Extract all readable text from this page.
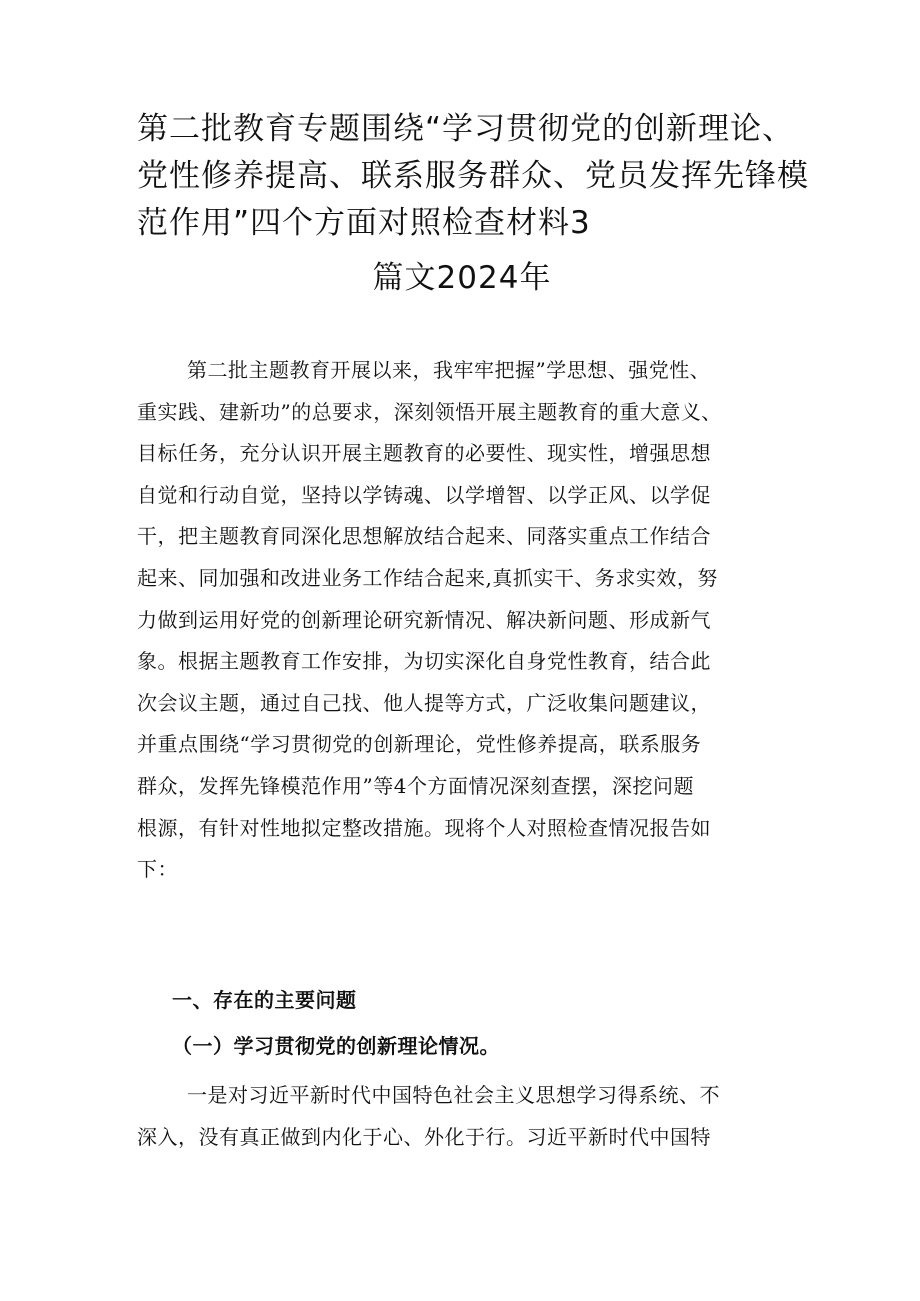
第二批教育专题围绕“学习贯彻党的创新理论、
党性修养提高、联系服务群众、党员发挥先锋模
范作用”四个方面对照检查材料3
篇文2024年
第二批主题教育开展以来，我牢牢把握”学思想、强党性、
重实践、建新功”的总要求，深刻领悟开展主题教育的重大意义、
目标任务，充分认识开展主题教育的必要性、现实性，增强思想
自觉和行动自觉，坚持以学铸魂、以学增智、以学正风、以学促
干，把主题教育同深化思想解放结合起来、同落实重点工作结合
起来、同加强和改进业务工作结合起来,真抓实干、务求实效，努
力做到运用好党的创新理论研究新情况、解决新问题、形成新气
象。根据主题教育工作安排，为切实深化自身党性教育，结合此
次会议主题，通过自己找、他人提等方式，广泛收集问题建议，
并重点围绕“学习贯彻党的创新理论，党性修养提高，联系服务
群众，发挥先锋模范作用”等4个方面情况深刻查摆，深挖问题
根源，有针对性地拟定整改措施。现将个人对照检查情况报告如
下：
一、存在的主要问题
（一）学习贯彻党的创新理论情况。
一是对习近平新时代中国特色社会主义思想学习得系统、不
深入，没有真正做到内化于心、外化于行。习近平新时代中国特
